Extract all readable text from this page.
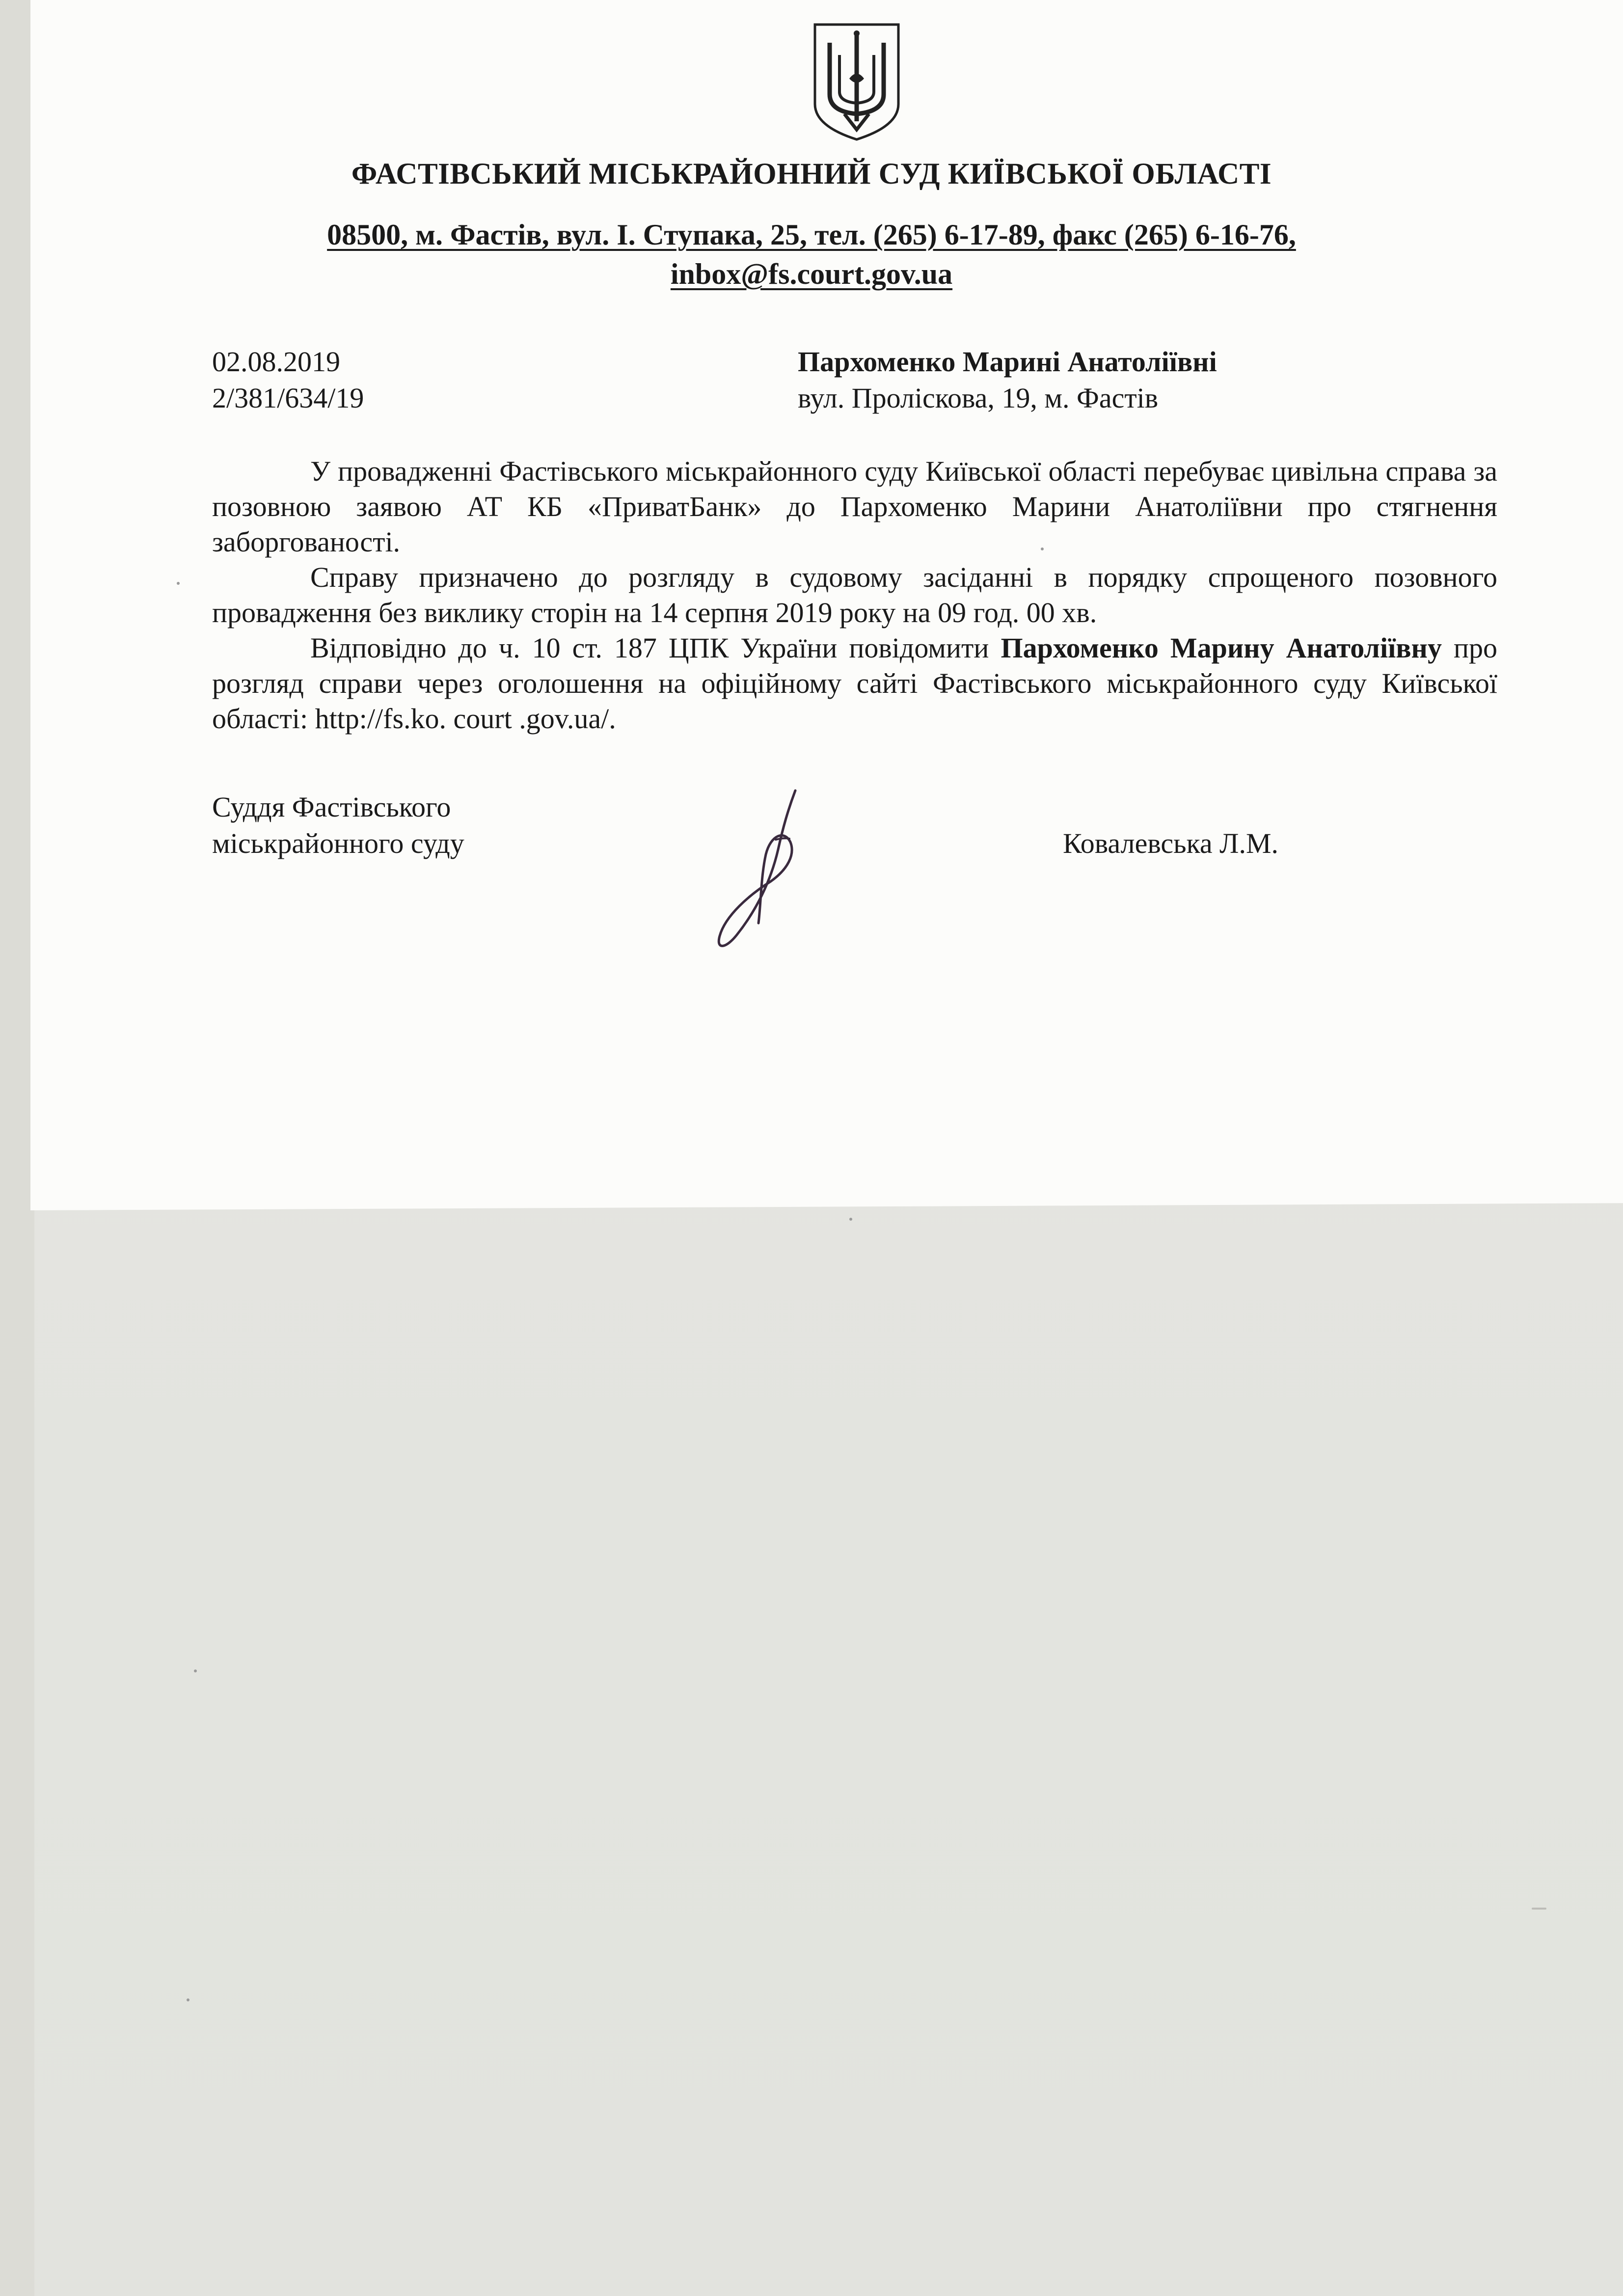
ФАСТІВСЬКИЙ МІСЬКРАЙОННИЙ СУД КИЇВСЬКОЇ ОБЛАСТІ
08500, м. Фастів, вул. І. Ступака, 25, тел. (265) 6-17-89, факс (265) 6-16-76,
inbox@fs.court.gov.ua
02.08.2019
2/381/634/19
Пархоменко Марині Анатоліївні
вул. Пролiскова, 19, м. Фастів

У провадженні Фастівського міськрайонного суду Київської області перебуває цивільна справа за позовною заявою АТ КБ «ПриватБанк» до Пархоменко Марини Анатоліївни про стягнення заборгованості.

Справу призначено до розгляду в судовому засіданні в порядку спрощеного позовного провадження без виклику сторін на 14 серпня 2019 року на 09 год. 00 хв.

Відповідно до ч. 10 ст. 187 ЦПК України повідомити Пархоменко Марину Анатоліївну про розгляд справи через оголошення на офіційному сайті Фастівського міськрайонного суду Київської області: http://fs.ko. court .gov.ua/.

Суддя Фастівського
міськрайонного суду	Ковалевська Л.М.
